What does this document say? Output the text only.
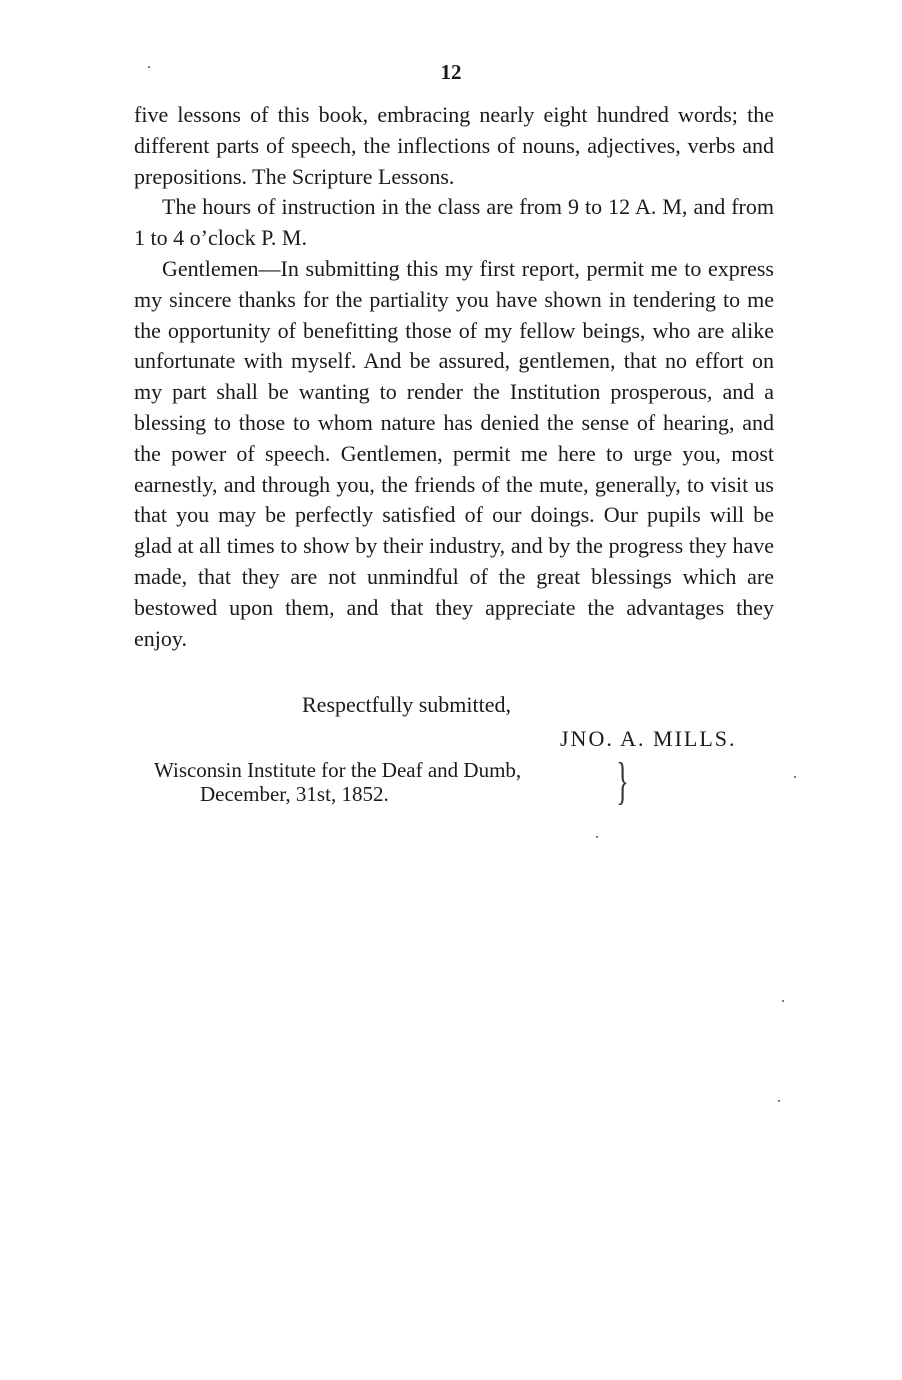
12

five lessons of this book, embracing nearly eight hundred words; the different parts of speech, the inflections of nouns, adjectives, verbs and prepositions. The Scripture Lessons.

The hours of instruction in the class are from 9 to 12 A. M, and from 1 to 4 o’clock P. M.

Gentlemen—In submitting this my first report, permit me to express my sincere thanks for the partiality you have shown in tendering to me the opportunity of benefitting those of my fellow beings, who are alike unfortunate with myself. And be assured, gentlemen, that no effort on my part shall be wanting to render the Institution prosperous, and a blessing to those to whom nature has denied the sense of hearing, and the power of speech. Gentlemen, permit me here to urge you, most earnestly, and through you, the friends of the mute, generally, to visit us that you may be perfectly satisfied of our doings. Our pupils will be glad at all times to show by their industry, and by the progress they have made, that they are not unmindful of the great blessings which are bestowed upon them, and that they appreciate the advantages they enjoy.

Respectfully submitted,
JNO. A. MILLS.
Wisconsin Institute for the Deaf and Dumb,
December, 31st, 1852.	}
